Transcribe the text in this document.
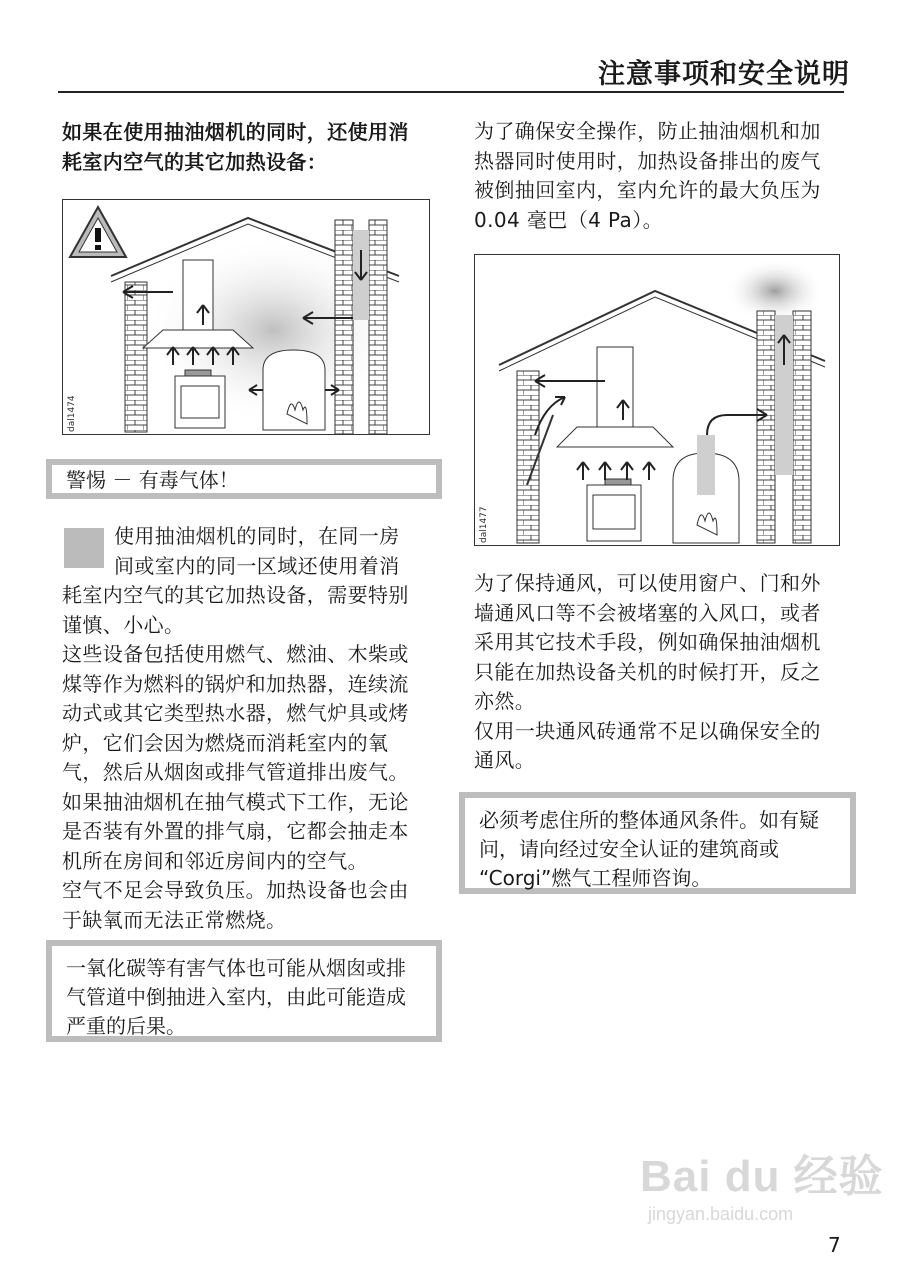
注意事项和安全说明
如果在使用抽油烟机的同时，还使用消
耗室内空气的其它加热设备：
dal1474
警惕 － 有毒气体！
使用抽油烟机的同时，在同一房
间或室内的同一区域还使用着消
耗室内空气的其它加热设备，需要特别
谨慎、小心。
这些设备包括使用燃气、燃油、木柴或
煤等作为燃料的锅炉和加热器，连续流
动式或其它类型热水器，燃气炉具或烤
炉，它们会因为燃烧而消耗室内的氧
气，然后从烟囱或排气管道排出废气。
如果抽油烟机在抽气模式下工作，无论
是否装有外置的排气扇，它都会抽走本
机所在房间和邻近房间内的空气。
空气不足会导致负压。加热设备也会由
于缺氧而无法正常燃烧。
一氧化碳等有害气体也可能从烟囱或排
气管道中倒抽进入室内，由此可能造成
严重的后果。
为了确保安全操作，防止抽油烟机和加
热器同时使用时，加热设备排出的废气
被倒抽回室内，室内允许的最大负压为
0.04 毫巴（4 Pa）。
dal1477
为了保持通风，可以使用窗户、门和外
墙通风口等不会被堵塞的入风口，或者
采用其它技术手段，例如确保抽油烟机
只能在加热设备关机的时候打开，反之
亦然。
仅用一块通风砖通常不足以确保安全的
通风。
必须考虑住所的整体通风条件。如有疑
问，请向经过安全认证的建筑商或
“Corgi”燃气工程师咨询。
Bai du 经验
jingyan.baidu.com
7
